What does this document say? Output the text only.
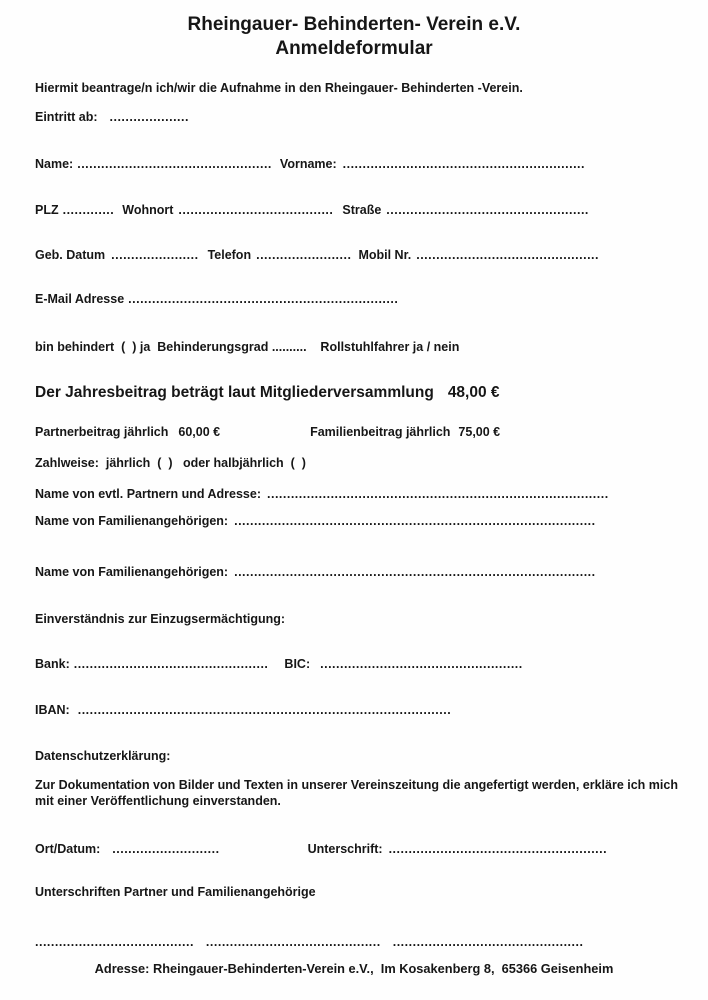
Rheingauer- Behinderten- Verein e.V.
Anmeldeformular
Hiermit beantrage/n ich/wir die Aufnahme in den Rheingauer- Behinderten -Verein.
Eintritt ab: ....................
Name: ................................................. Vorname: .............................................................
PLZ ............. Wohnort ....................................... Straße ...................................................
Geb. Datum ...................... Telefon ........................ Mobil Nr. ..............................................
E-Mail Adresse ....................................................................
bin behindert  (  ) ja  Behinderungsgrad ..........    Rollstuhlfahrer ja / nein
Der Jahresbeitrag beträgt laut Mitgliederversammlung 48,00 €
Partnerbeitrag jährlich 60,00 €	Familienbeitrag jährlich 75,00 €
Zahlweise:  jährlich  (  )   oder halbjährlich  (  )
Name von evtl. Partnern und Adresse: ......................................................................................
Name von Familienangehörigen: ...........................................................................................
Name von Familienangehörigen: ...........................................................................................
Einverständnis zur Einzugsermächtigung:
Bank: ................................................. BIC: ...................................................
IBAN: ..............................................................................................
Datenschutzerklärung:
Zur Dokumentation von Bilder und Texten in unserer Vereinszeitung die angefertigt werden, erkläre ich mich mit einer Veröffentlichung einverstanden.
Ort/Datum: ...........................	Unterschrift: .......................................................
Unterschriften Partner und Familienangehörige
........................................ ............................................ ................................................
Adresse: Rheingauer-Behinderten-Verein e.V.,  Im Kosakenberg 8,  65366 Geisenheim
